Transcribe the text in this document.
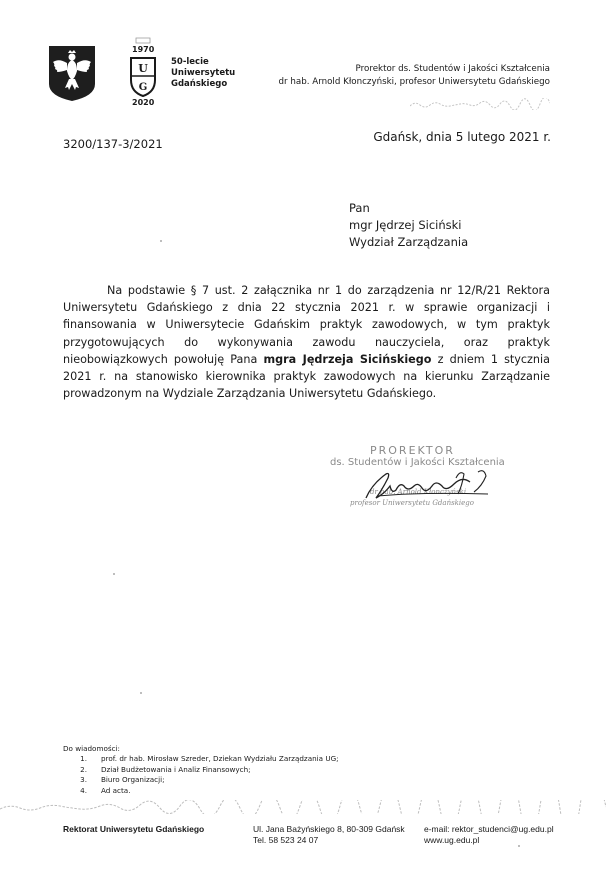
U
G
1970
2020
50-lecie
Uniwersytetu
Gdańskiego
Prorektor ds. Studentów i Jakości Kształcenia
dr hab. Arnold Kłonczyński, profesor Uniwersytetu Gdańskiego
3200/137-3/2021	Gdańsk, dnia 5 lutego 2021 r.
Pan
mgr Jędrzej Siciński
Wydział Zarządzania

Na podstawie § 7 ust. 2 załącznika nr 1 do zarządzenia nr 12/R/21 Rektora Uniwersytetu Gdańskiego z dnia 22 stycznia 2021 r. w sprawie organizacji i finansowania w Uniwersytecie Gdańskim praktyk zawodowych, w tym praktyk przygotowujących do wykonywania zawodu nauczyciela, oraz praktyk nieobowiązkowych powołuję Pana mgra Jędrzeja Sicińskiego z dniem 1 stycznia 2021 r. na stanowisko kierownika praktyk zawodowych na kierunku Zarządzanie prowadzonym na Wydziale Zarządzania Uniwersytetu Gdańskiego.

PROREKTOR
ds. Studentów i Jakości Kształcenia
dr hab. Arnold Kłonczyński
profesor Uniwersytetu Gdańskiego
Do wiadomości:
1. prof. dr hab. Mirosław Szreder, Dziekan Wydziału Zarządzania UG;
2. Dział Budżetowania i Analiz Finansowych;
3. Biuro Organizacji;
4. Ad acta.
Rektorat Uniwersytetu Gdańskiego	Ul. Jana Bażyńskiego 8, 80-309 Gdańsk
Tel. 58 523 24 07
e-mail: rektor_studenci@ug.edu.pl
www.ug.edu.pl
